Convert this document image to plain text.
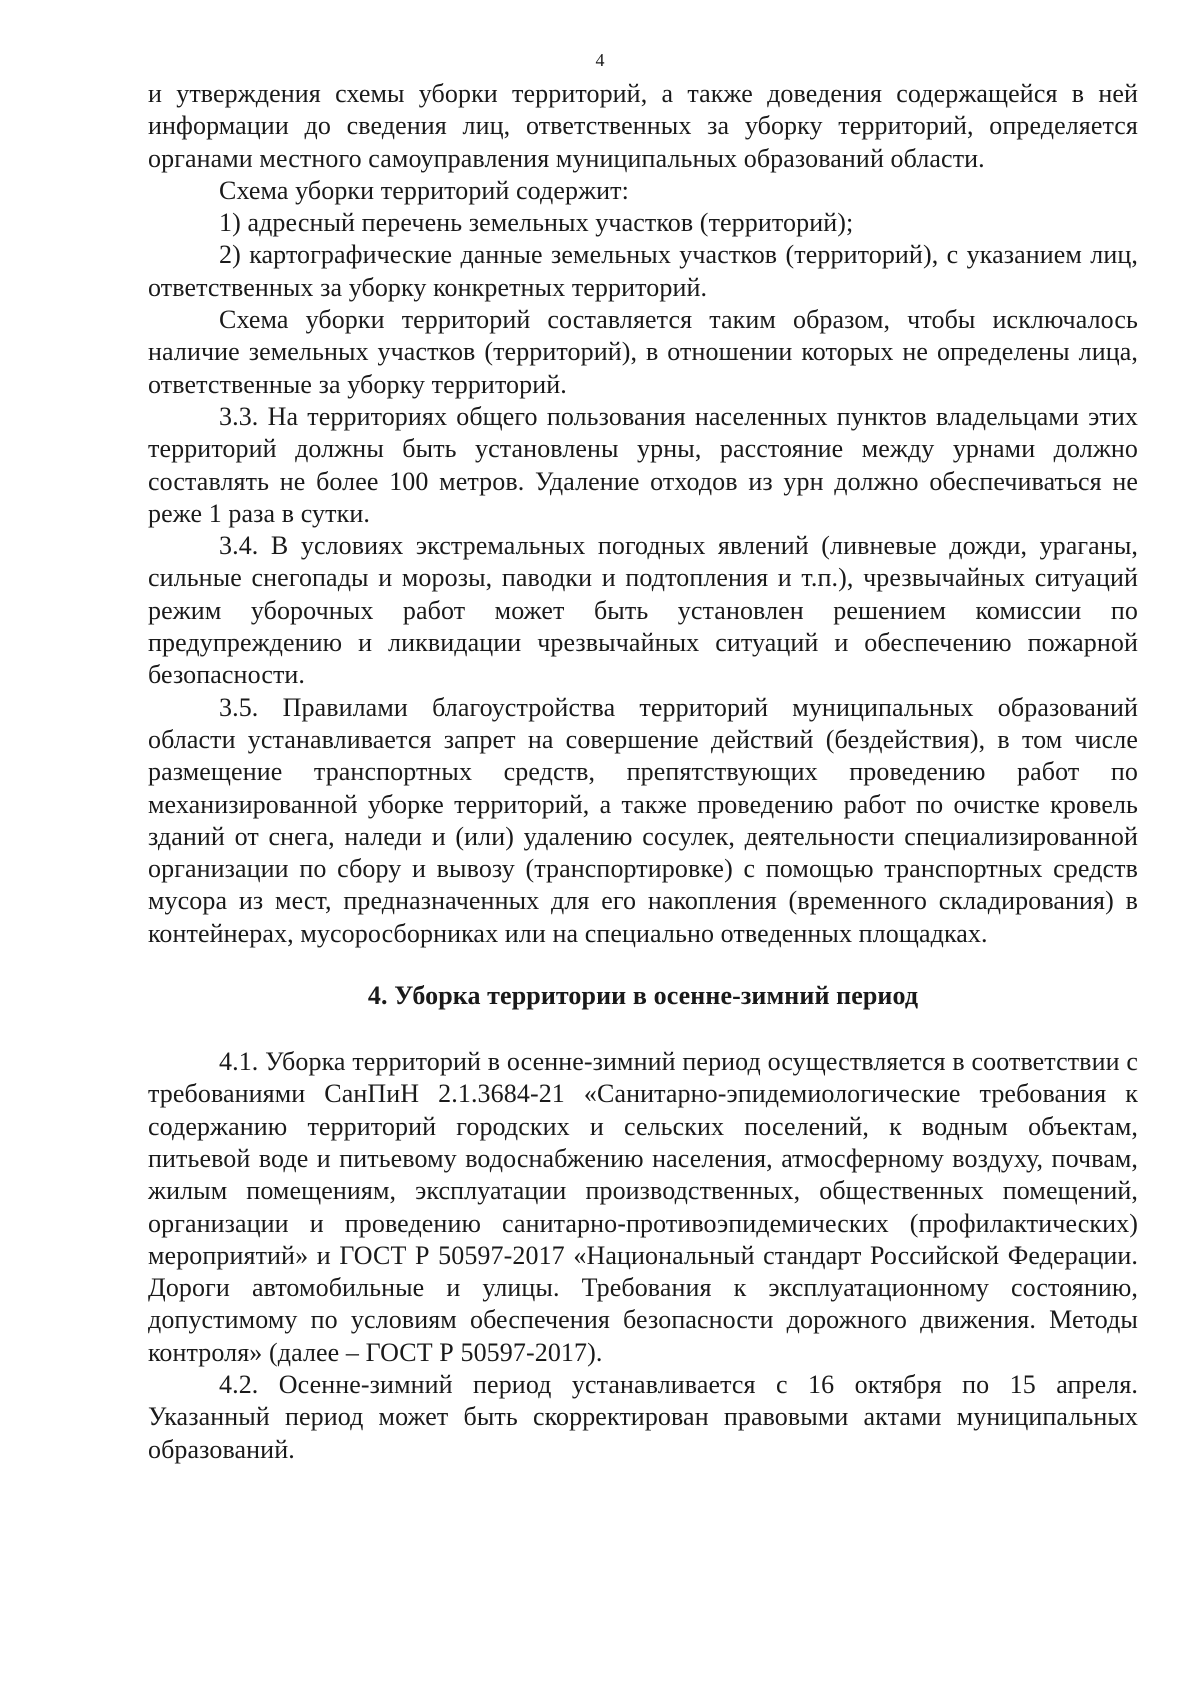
4

и утверждения схемы уборки территорий, а также доведения содержащейся в ней информации до сведения лиц, ответственных за уборку территорий, определяется органами местного самоуправления муниципальных образований области.

Схема уборки территорий содержит:

1) адресный перечень земельных участков (территорий);

2) картографические данные земельных участков (территорий), с указанием лиц, ответственных за уборку конкретных территорий.

Схема уборки территорий составляется таким образом, чтобы исключалось наличие земельных участков (территорий), в отношении которых не определены лица, ответственные за уборку территорий.

3.3. На территориях общего пользования населенных пунктов владельцами этих территорий должны быть установлены урны, расстояние между урнами должно составлять не более 100 метров. Удаление отходов из урн должно обеспечиваться не реже 1 раза в сутки.

3.4. В условиях экстремальных погодных явлений (ливневые дожди, ураганы, сильные снегопады и морозы, паводки и подтопления и т.п.), чрезвычайных ситуаций режим уборочных работ может быть установлен решением комиссии по предупреждению и ликвидации чрезвычайных ситуаций и обеспечению пожарной безопасности.

3.5. Правилами благоустройства территорий муниципальных образований области устанавливается запрет на совершение действий (бездействия), в том числе размещение транспортных средств, препятствующих проведению работ по механизированной уборке территорий, а также проведению работ по очистке кровель зданий от снега, наледи и (или) удалению сосулек, деятельности специализированной организации по сбору и вывозу (транспортировке) с помощью транспортных средств мусора из мест, предназначенных для его накопления (временного складирования) в контейнерах, мусоросборниках или на специально отведенных площадках.

4. Уборка территории в осенне-зимний период

4.1. Уборка территорий в осенне-зимний период осуществляется в соответствии с требованиями СанПиН 2.1.3684-21 «Санитарно-эпидемиологические требования к содержанию территорий городских и сельских поселений, к водным объектам, питьевой воде и питьевому водоснабжению населения, атмосферному воздуху, почвам, жилым помещениям, эксплуатации производственных, общественных помещений, организации и проведению санитарно-противоэпидемических (профилактических) мероприятий» и ГОСТ Р 50597-2017 «Национальный стандарт Российской Федерации. Дороги автомобильные и улицы. Требования к эксплуатационному состоянию, допустимому по условиям обеспечения безопасности дорожного движения. Методы контроля» (далее – ГОСТ Р 50597-2017).

4.2. Осенне-зимний период устанавливается с 16 октября по 15 апреля. Указанный период может быть скорректирован правовыми актами муниципальных образований.
